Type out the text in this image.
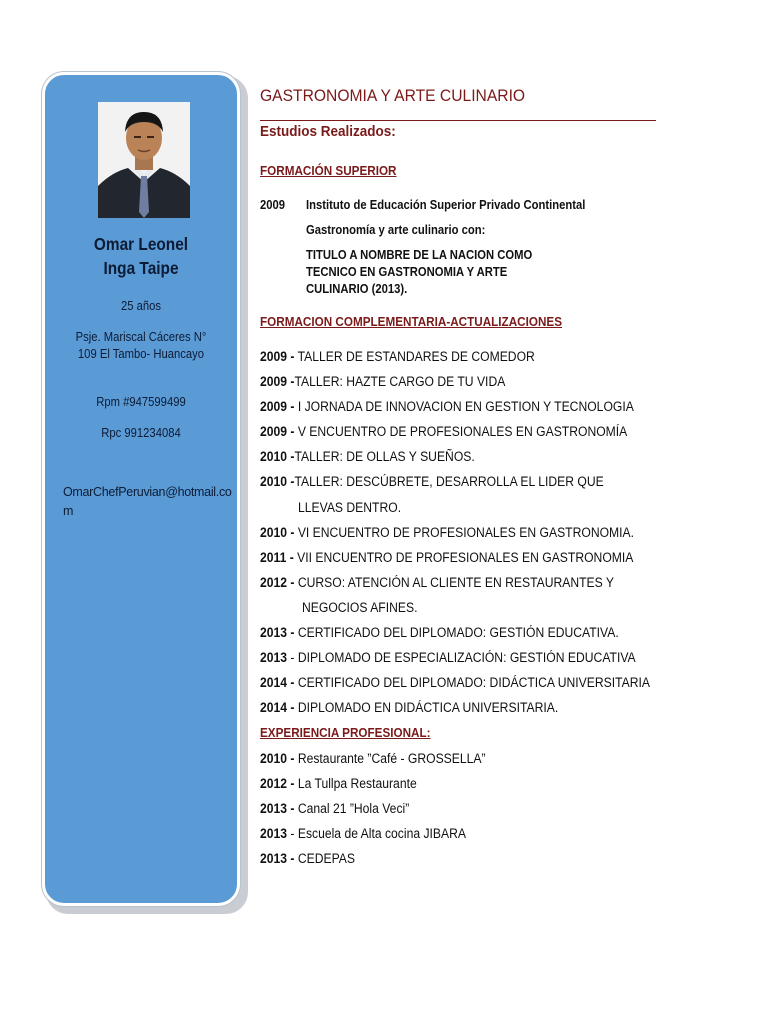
Omar Leonel
Inga Taipe
25 años
Psje. Mariscal Cáceres N°
109 El Tambo- Huancayo
Rpm #947599499
Rpc 991234084
OmarChefPeruvian@hotmail.com
GASTRONOMIA Y ARTE CULINARIO
Estudios Realizados:
FORMACIÓN SUPERIOR
2009 Instituto de Educación Superior Privado Continental
Gastronomía y arte culinario con:
TITULO A NOMBRE DE LA NACION COMO
TECNICO EN GASTRONOMIA Y ARTE
CULINARIO (2013).
FORMACION COMPLEMENTARIA-ACTUALIZACIONES
2009 - TALLER DE ESTANDARES DE COMEDOR
2009 -TALLER: HAZTE CARGO DE TU VIDA
2009 - I JORNADA DE INNOVACION EN GESTION Y TECNOLOGIA
2009 - V ENCUENTRO DE PROFESIONALES EN GASTRONOMÍA
2010 -TALLER: DE OLLAS Y SUEÑOS.
2010 -TALLER: DESCÚBRETE, DESARROLLA EL LIDER QUE
LLEVAS DENTRO.
2010 - VI ENCUENTRO DE PROFESIONALES EN GASTRONOMIA.
2011 - VII ENCUENTRO DE PROFESIONALES EN GASTRONOMIA
2012 - CURSO: ATENCIÓN AL CLIENTE EN RESTAURANTES Y
NEGOCIOS AFINES.
2013 - CERTIFICADO DEL DIPLOMADO: GESTIÓN EDUCATIVA.
2013 - DIPLOMADO DE ESPECIALIZACIÓN: GESTIÓN EDUCATIVA
2014 - CERTIFICADO DEL DIPLOMADO: DIDÁCTICA UNIVERSITARIA
2014 - DIPLOMADO EN DIDÁCTICA UNIVERSITARIA.
EXPERIENCIA PROFESIONAL:
2010 - Restaurante ”Café - GROSSELLA”
2012 - La Tullpa Restaurante
2013 - Canal 21 ”Hola Veci”
2013 - Escuela de Alta cocina JIBARA
2013 - CEDEPAS
